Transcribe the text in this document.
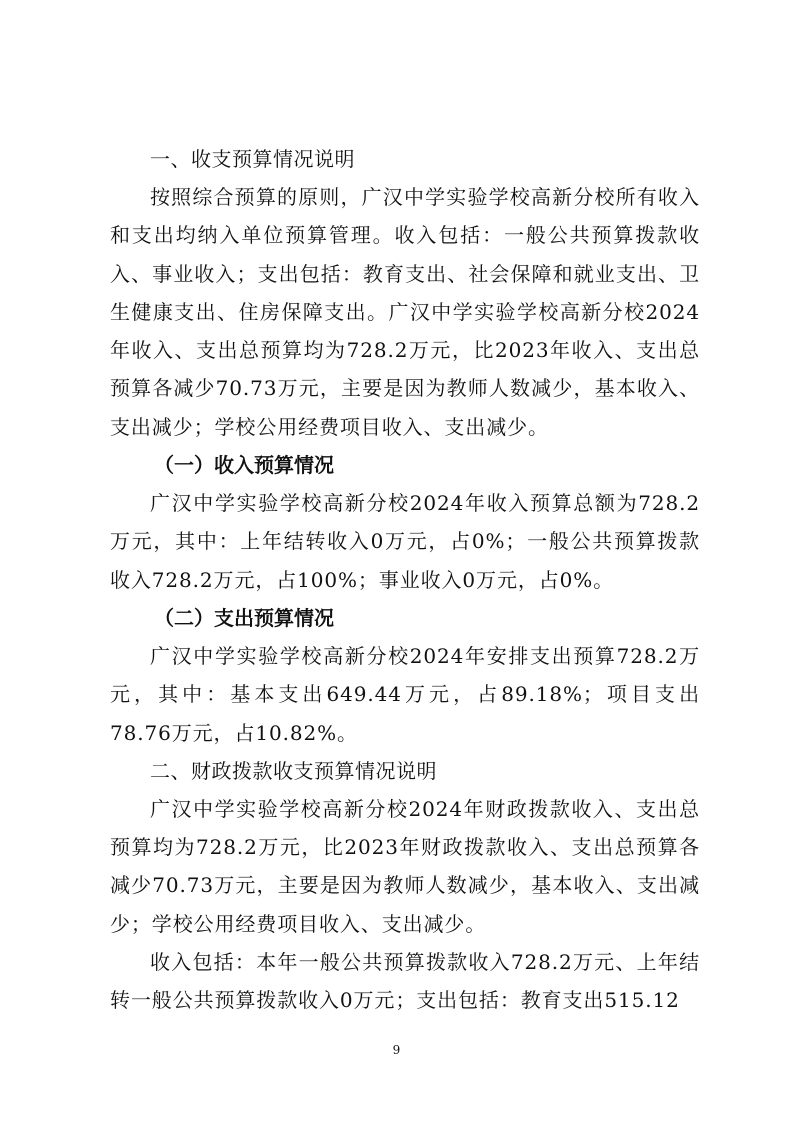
一、收支预算情况说明

按照综合预算的原则，广汉中学实验学校高新分校所有收入和支出均纳入单位预算管理。收入包括：一般公共预算拨款收入、事业收入；支出包括：教育支出、社会保障和就业支出、卫生健康支出、住房保障支出。广汉中学实验学校高新分校2024年收入、支出总预算均为728.2万元，比2023年收入、支出总预算各减少70.73万元，主要是因为教师人数减少，基本收入、支出减少；学校公用经费项目收入、支出减少。

（一）收入预算情况

广汉中学实验学校高新分校2024年收入预算总额为728.2万元，其中：上年结转收入0万元，占0%；一般公共预算拨款收入728.2万元，占100%；事业收入0万元，占0%。

（二）支出预算情况

广汉中学实验学校高新分校2024年安排支出预算728.2万元，其中：基本支出649.44万元，占89.18%；项目支出78.76万元，占10.82%。

二、财政拨款收支预算情况说明

广汉中学实验学校高新分校2024年财政拨款收入、支出总预算均为728.2万元，比2023年财政拨款收入、支出总预算各减少70.73万元，主要是因为教师人数减少，基本收入、支出减少；学校公用经费项目收入、支出减少。

收入包括：本年一般公共预算拨款收入728.2万元、上年结转一般公共预算拨款收入0万元；支出包括：教育支出515.12

9
